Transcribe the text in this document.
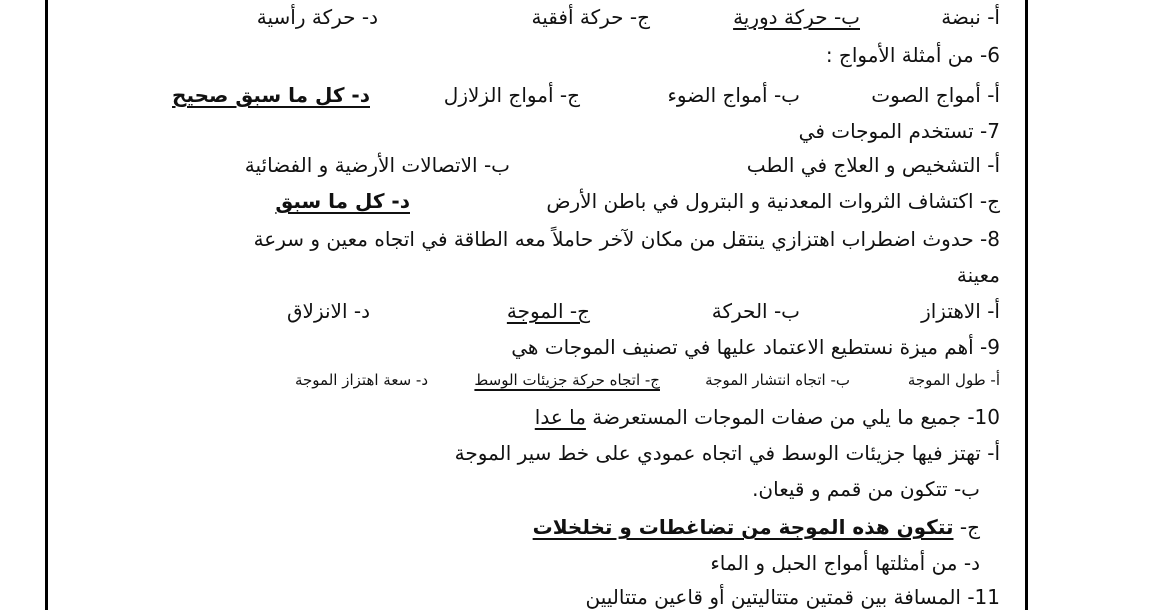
أ- نبضة
ب- حركة دورية
ج- حركة أفقية
د- حركة رأسية
6- من أمثلة الأمواج :
أ- أمواج الصوت
ب- أمواج الضوء
ج- أمواج الزلازل
د- كل ما سبق صحيح
7- تستخدم الموجات في
أ- التشخيص و العلاج في الطب
ب- الاتصالات الأرضية و الفضائية
ج- اكتشاف الثروات المعدنية و البترول في باطن الأرض
د- كل ما سبق
8- حدوث اضطراب اهتزازي ينتقل من مكان لآخر حاملاً معه الطاقة في اتجاه معين و سرعة
معينة
أ- الاهتزاز
ب- الحركة
ج- الموجة
د- الانزلاق
9- أهم ميزة نستطيع الاعتماد عليها في تصنيف الموجات هي
أ- طول الموجة
ب- اتجاه انتشار الموجة
ج- اتجاه حركة جزيئات الوسط
د- سعة اهتزاز الموجة
10- جميع ما يلي من صفات الموجات المستعرضة ما عدا
أ- تهتز فيها جزيئات الوسط في اتجاه عمودي على خط سير الموجة
ب- تتكون من قمم و قيعان.
ج- تتكون هذه الموجة من تضاغطات و تخلخلات
د- من أمثلتها أمواج الحبل و الماء
11- المسافة بين قمتين متتاليتين أو قاعين متتاليين
